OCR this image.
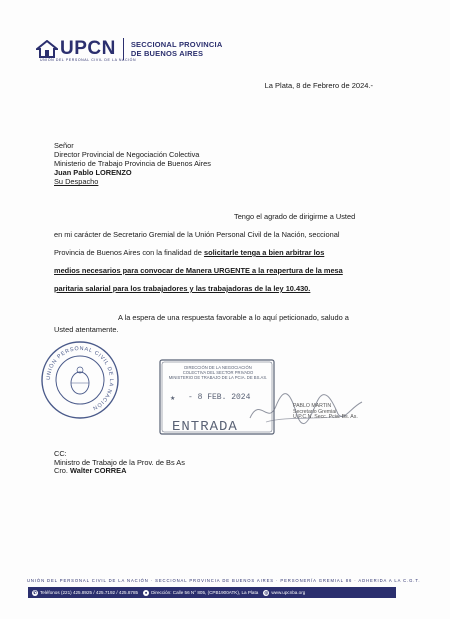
UPCN SECCIONAL PROVINCIA
DE BUENOS AIRES
UNIÓN DEL PERSONAL CIVIL DE LA NACIÓN
La Plata, 8 de Febrero de 2024.-
Señor
Director Provincial de Negociación Colectiva
Ministerio de Trabajo Provincia de Buenos Aires
Juan Pablo LORENZO
Su Despacho
Tengo el agrado de dirigirme a Usted
en mi carácter de Secretario Gremial de la Unión Personal Civil de la Nación, seccional
Provincia de Buenos Aires con la finalidad de solicitarle tenga a bien arbitrar los
medios necesarios para convocar de Manera URGENTE a la reapertura de la mesa
paritaria salarial para los trabajadores y las trabajadoras de la ley 10.430.
A la espera de una respuesta favorable a lo aquí peticionado, saludo a
Usted atentamente.
UNIÓN PERSONAL CIVIL DE LA NACIÓN
DIRECCIÓN DE LA NEGOCIACIÓN
COLECTIVA DEL SECTOR PRIVADO
MINISTERIO DE TRABAJO DE LA PCIA. DE BS.AS.
★ - 8 FEB. 2024
ENTRADA
PABLO MARTIN
Secretario Gremial
U.P.C.N. Secc. Pcia. Bs. As.
CC:
Ministro de Trabajo de la Prov. de Bs As
Cro. Walter CORREA
UNIÓN DEL PERSONAL CIVIL DE LA NACIÓN · SECCIONAL PROVINCIA DE BUENOS AIRES · PERSONERÍA GREMIAL 86 · ADHERIDA A LA C.G.T.
✆ Teléfonos (221) 425.8925 / 425.7192 / 425.8785	● Dirección: Calle 56 N° 805, (CPB1900ATK), La Plata ◎ www.upcnba.org
